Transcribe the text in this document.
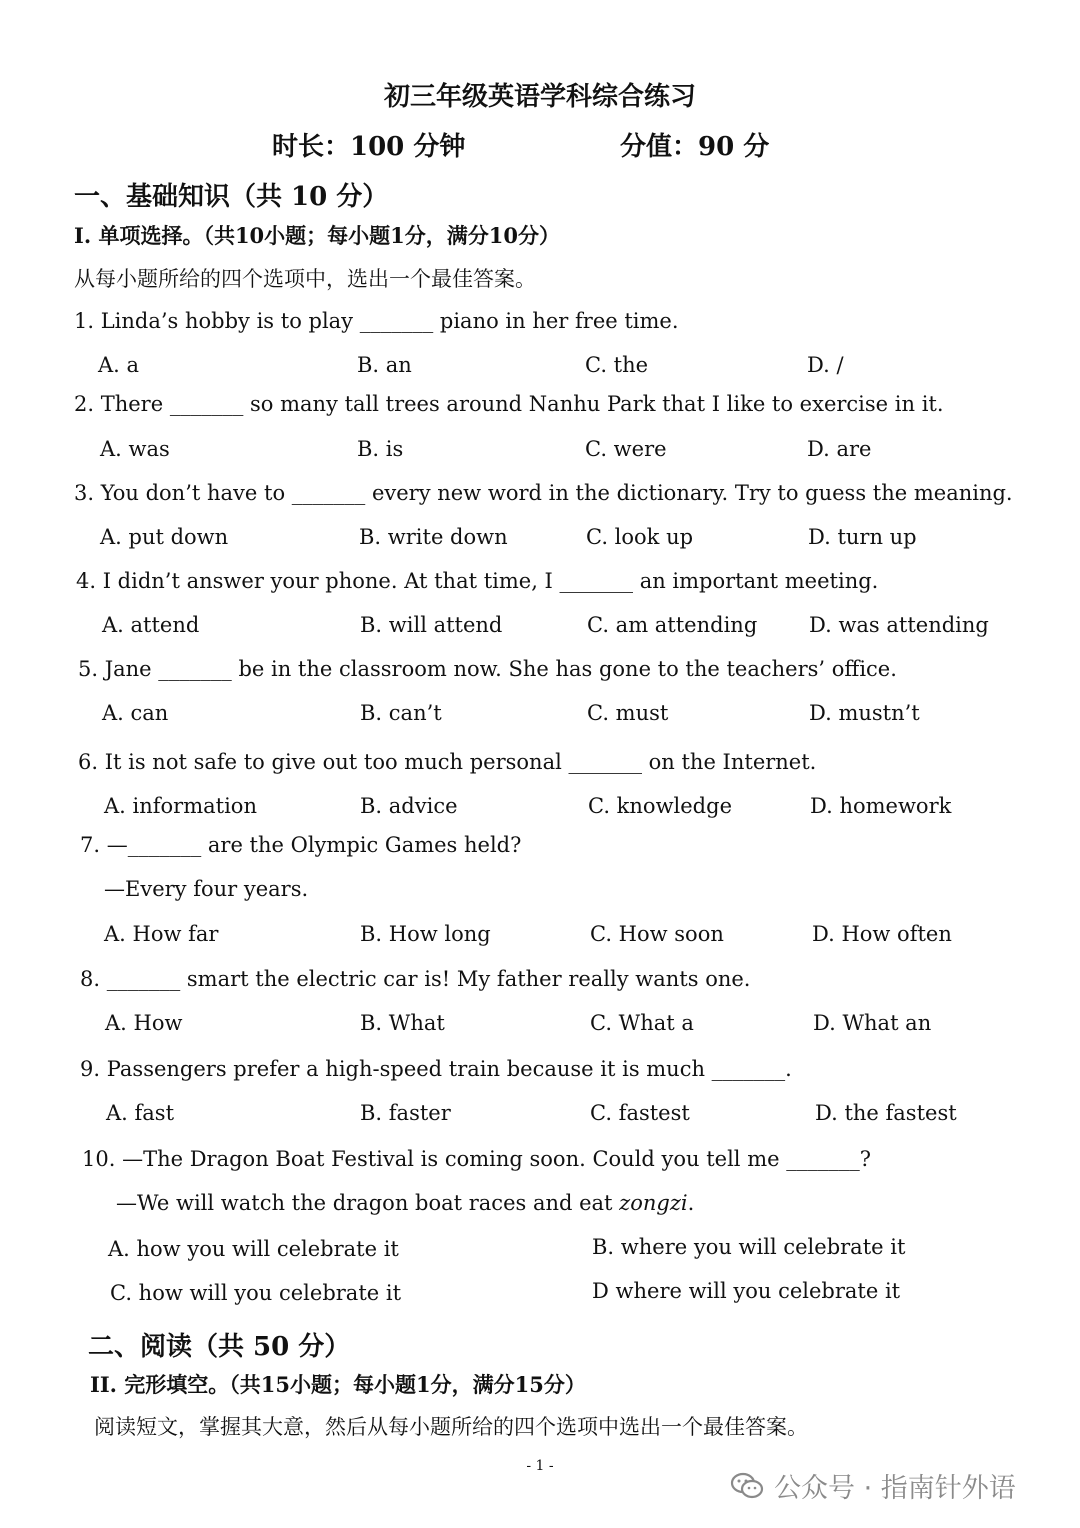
初三年级英语学科综合练习
时长：100 分钟	分值：90 分
一、基础知识（共 10 分）
I. 单项选择。（共10小题；每小题1分，满分10分）
从每小题所给的四个选项中，选出一个最佳答案。
1. Linda’s hobby is to play _______ piano in her free time.
A. a	B. an	C. the	D. /
2. There _______ so many tall trees around Nanhu Park that I like to exercise in it.
A. was	B. is	C. were	D. are
3. You don’t have to _______ every new word in the dictionary. Try to guess the meaning.
A. put down	B. write down	C. look up	D. turn up
4. I didn’t answer your phone. At that time, I _______ an important meeting.
A. attend	B. will attend	C. am attending D. was attending
5. Jane _______ be in the classroom now. She has gone to the teachers’ office.
A. can	B. can’t	C. must	D. mustn’t
6. It is not safe to give out too much personal _______ on the Internet.
A. information	B. advice	C. knowledge	D. homework
7. —_______ are the Olympic Games held?
—Every four years.
A. How far	B. How long	C. How soon	D. How often
8. _______ smart the electric car is! My father really wants one.
A. How	B. What	C. What a	D. What an
9. Passengers prefer a high-speed train because it is much _______.
A. fast	B. faster	C. fastest	D. the fastest
10. —The Dragon Boat Festival is coming soon. Could you tell me _______?
—We will watch the dragon boat races and eat zongzi.
A. how you will celebrate it	B. where you will celebrate it
C. how will you celebrate it	D where will you celebrate it
二、阅读（共 50 分）
II. 完形填空。（共15小题；每小题1分，满分15分）
阅读短文，掌握其大意，然后从每小题所给的四个选项中选出一个最佳答案。
- 1 -
公众号 · 指南针外语
